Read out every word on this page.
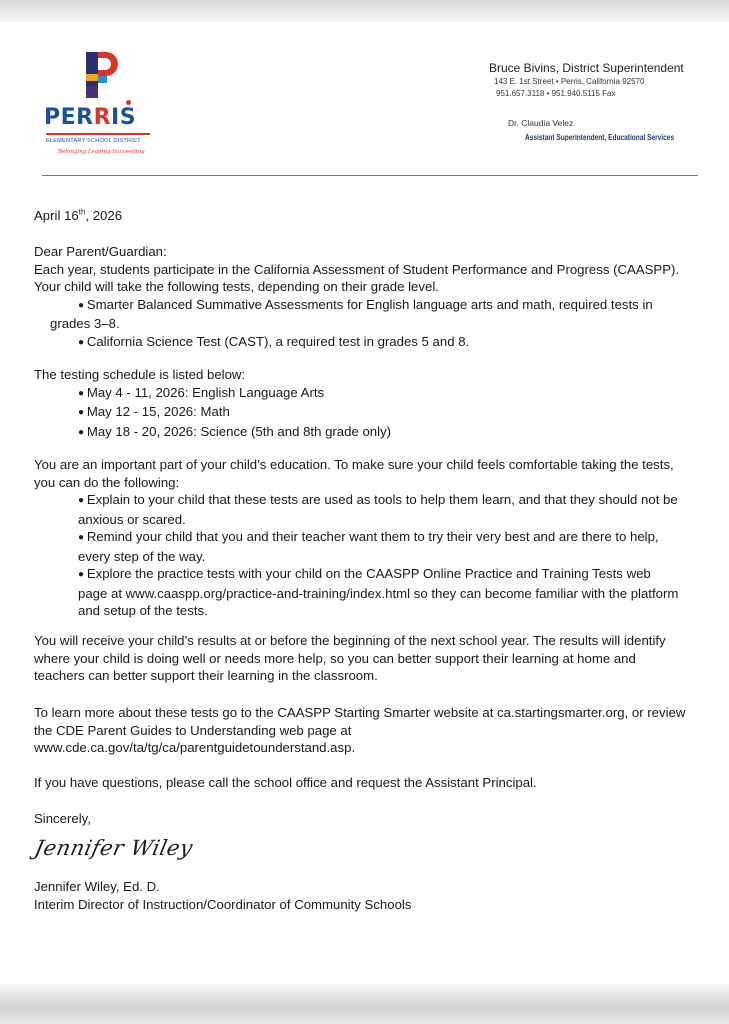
PERRIS
ELEMENTARY SCHOOL DISTRICT
Belonging Leading Succeeding
Bruce Bivins, District Superintendent
143 E. 1st Street • Perris, California 92570
951.657.3118 • 951.940.5115 Fax
Dr. Claudia Velez
Assistant Superintendent, Educational Services

April 16th, 2026

Dear Parent/Guardian:

Each year, students participate in the California Assessment of Student Performance and Progress (CAASPP).

Your child will take the following tests, depending on their grade level.

● Smarter Balanced Summative Assessments for English language arts and math, required tests in

grades 3–8.

● California Science Test (CAST), a required test in grades 5 and 8.

The testing schedule is listed below:

● May 4 - 11, 2026: English Language Arts

● May 12 - 15, 2026: Math

● May 18 - 20, 2026: Science (5th and 8th grade only)

You are an important part of your child’s education. To make sure your child feels comfortable taking the tests,

you can do the following:

● Explain to your child that these tests are used as tools to help them learn, and that they should not be

anxious or scared.

● Remind your child that you and their teacher want them to try their very best and are there to help,

every step of the way.

● Explore the practice tests with your child on the CAASPP Online Practice and Training Tests web

page at www.caaspp.org/practice-and-training/index.html so they can become familiar with the platform

and setup of the tests.

You will receive your child’s results at or before the beginning of the next school year. The results will identify

where your child is doing well or needs more help, so you can better support their learning at home and

teachers can better support their learning in the classroom.

To learn more about these tests go to the CAASPP Starting Smarter website at ca.startingsmarter.org, or review

the CDE Parent Guides to Understanding web page at

www.cde.ca.gov/ta/tg/ca/parentguidetounderstand.asp.

If you have questions, please call the school office and request the Assistant Principal.

Sincerely,

Jennifer Wiley

Jennifer Wiley, Ed. D.

Interim Director of Instruction/Coordinator of Community Schools
